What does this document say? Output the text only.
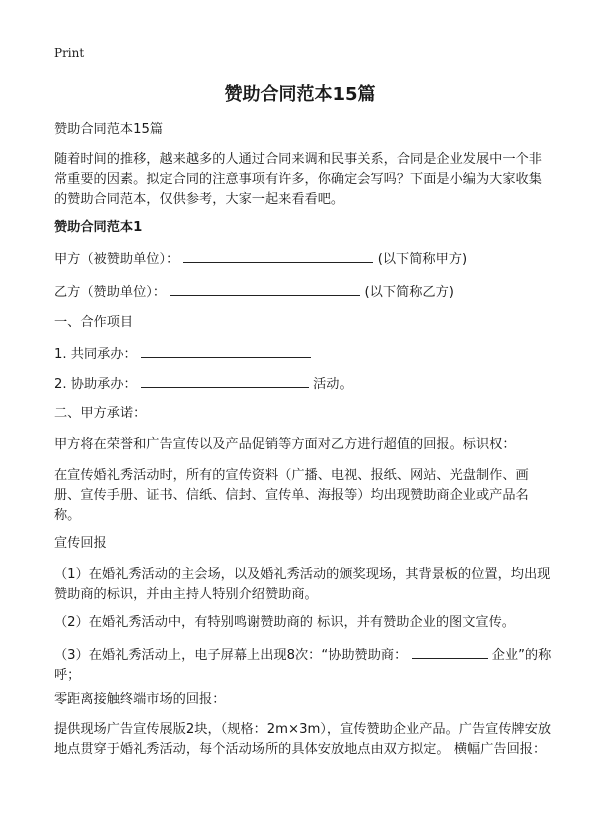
Print
赞助合同范本15篇
赞助合同范本15篇
随着时间的推移，越来越多的人通过合同来调和民事关系，合同是企业发展中一个非常重要的因素。拟定合同的注意事项有许多，你确定会写吗？下面是小编为大家收集的赞助合同范本，仅供参考，大家一起来看看吧。
赞助合同范本1
甲方（被赞助单位）：	(以下简称甲方)
乙方（赞助单位）：	(以下简称乙方)
一、合作项目
1. 共同承办：
2. 协助承办：	活动。
二、甲方承诺：
甲方将在荣誉和广告宣传以及产品促销等方面对乙方进行超值的回报。标识权：
在宣传婚礼秀活动时，所有的宣传资料（广播、电视、报纸、网站、光盘制作、画册、宣传手册、证书、信纸、信封、宣传单、海报等）均出现赞助商企业或产品名称。
宣传回报
（1）在婚礼秀活动的主会场，以及婚礼秀活动的颁奖现场，其背景板的位置，均出现赞助商的标识，并由主持人特别介绍赞助商。
（2）在婚礼秀活动中，有特别鸣谢赞助商的 标识，并有赞助企业的图文宣传。
（3）在婚礼秀活动上，电子屏幕上出现8次：“协助赞助商：	企业”的称呼；
零距离接触终端市场的回报：
提供现场广告宣传展版2块，（规格：2m×3m），宣传赞助企业产品。广告宣传牌安放地点贯穿于婚礼秀活动，每个活动场所的具体安放地点由双方拟定。 横幅广告回报：
